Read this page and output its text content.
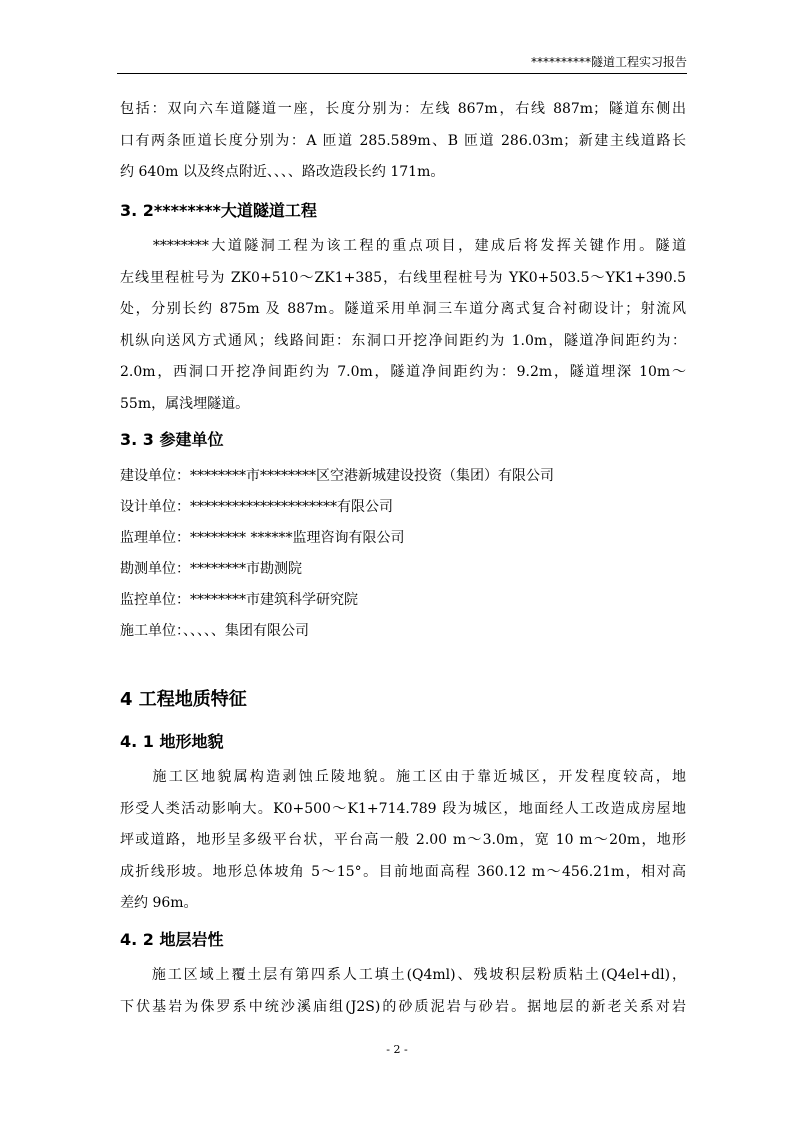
**********隧道工程实习报告

包括：双向六车道隧道一座，长度分别为：左线 867m，右线 887m；隧道东侧出
口有两条匝道长度分别为：A 匝道 285.589m、B 匝道 286.03m；新建主线道路长
约 640m 以及终点附近、、、、路改造段长约 171m。

3. 2********大道隧道工程

　　********大道隧洞工程为该工程的重点项目，建成后将发挥关键作用。隧道
左线里程桩号为 ZK0+510～ZK1+385，右线里程桩号为 YK0+503.5～YK1+390.5
处，分别长约 875m 及 887m。隧道采用单洞三车道分离式复合衬砌设计；射流风
机纵向送风方式通风；线路间距：东洞口开挖净间距约为 1.0m，隧道净间距约为：
2.0m，西洞口开挖净间距约为 7.0m，隧道净间距约为：9.2m，隧道埋深 10m～
55m，属浅埋隧道。

3. 3 参建单位
建设单位：********市********区空港新城建设投资（集团）有限公司
设计单位：*********************有限公司
监理单位：******** ******监理咨询有限公司
勘测单位：********市勘测院
监控单位：********市建筑科学研究院
施工单位：、、、、、集团有限公司
4 工程地质特征
4. 1 地形地貌

　　施工区地貌属构造剥蚀丘陵地貌。施工区由于靠近城区，开发程度较高，地
形受人类活动影响大。K0+500～K1+714.789 段为城区，地面经人工改造成房屋地
坪或道路，地形呈多级平台状，平台高一般 2.00 m～3.0m，宽 10 m～20m，地形
成折线形坡。地形总体坡角 5～15°。目前地面高程 360.12 m～456.21m，相对高
差约 96m。

4. 2 地层岩性

　　施工区域上覆土层有第四系人工填土(Q4ml)、残坡积层粉质粘土(Q4el+dl)，
下伏基岩为侏罗系中统沙溪庙组(J2S)的砂质泥岩与砂岩。据地层的新老关系对岩

- 2 -
